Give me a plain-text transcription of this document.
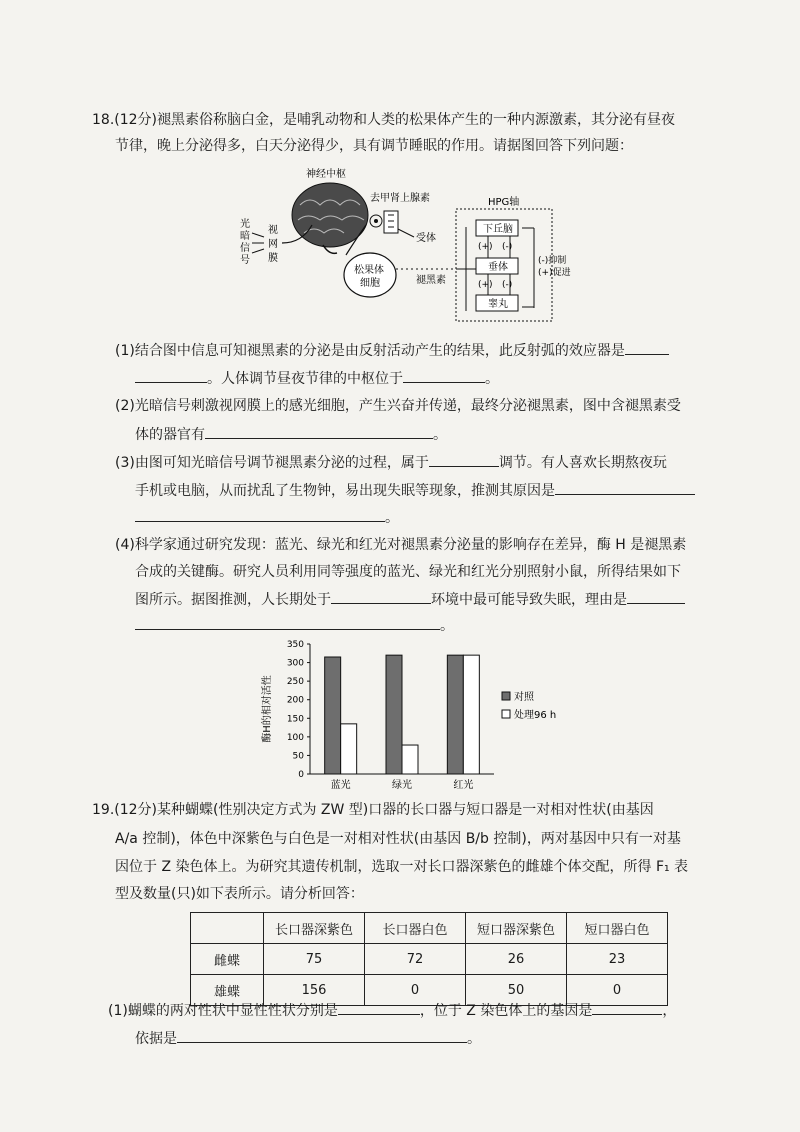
18.(12分)褪黑素俗称脑白金，是哺乳动物和人类的松果体产生的一种内源激素，其分泌有昼夜
节律，晚上分泌得多，白天分泌得少，具有调节睡眠的作用。请据图回答下列问题：
神经中枢
光
暗
信
号
视
网
膜
去甲肾上腺素
受体
松果体
细胞	褪黑素
HPG轴
下丘脑
垂体
睾丸
(+) (-)
(+) (-)
(-)抑制
(+)促进
(1)结合图中信息可知褪黑素的分泌是由反射活动产生的结果，此反射弧的效应器是
。人体调节昼夜节律的中枢位于	。
(2)光暗信号刺激视网膜上的感光细胞，产生兴奋并传递，最终分泌褪黑素，图中含褪黑素受
体的器官有	。
(3)由图可知光暗信号调节褪黑素分泌的过程，属于	调节。有人喜欢长期熬夜玩
手机或电脑，从而扰乱了生物钟，易出现失眠等现象，推测其原因是
。
(4)科学家通过研究发现：蓝光、绿光和红光对褪黑素分泌量的影响存在差异，酶 H 是褪黑素
合成的关键酶。研究人员利用同等强度的蓝光、绿光和红光分别照射小鼠，所得结果如下
图所示。据图推测，人长期处于	环境中最可能导致失眠，理由是
。
0
50
100
150
200
250
300
350
酶H的相对活性
蓝光	绿光	红光
对照
处理96 h
19.(12分)某种蝴蝶(性别决定方式为 ZW 型)口器的长口器与短口器是一对相对性状(由基因
A/a 控制)，体色中深紫色与白色是一对相对性状(由基因 B/b 控制)，两对基因中只有一对基
因位于 Z 染色体上。为研究其遗传机制，选取一对长口器深紫色的雌雄个体交配，所得 F₁ 表
型及数量(只)如下表所示。请分析回答：
	长口器深紫色	长口器白色	短口器深紫色	短口器白色
雌蝶	75	72	26	23
雄蝶	156	0	50	0
(1)蝴蝶的两对性状中显性性状分别是	，位于 Z 染色体上的基因是	，
依据是	。
